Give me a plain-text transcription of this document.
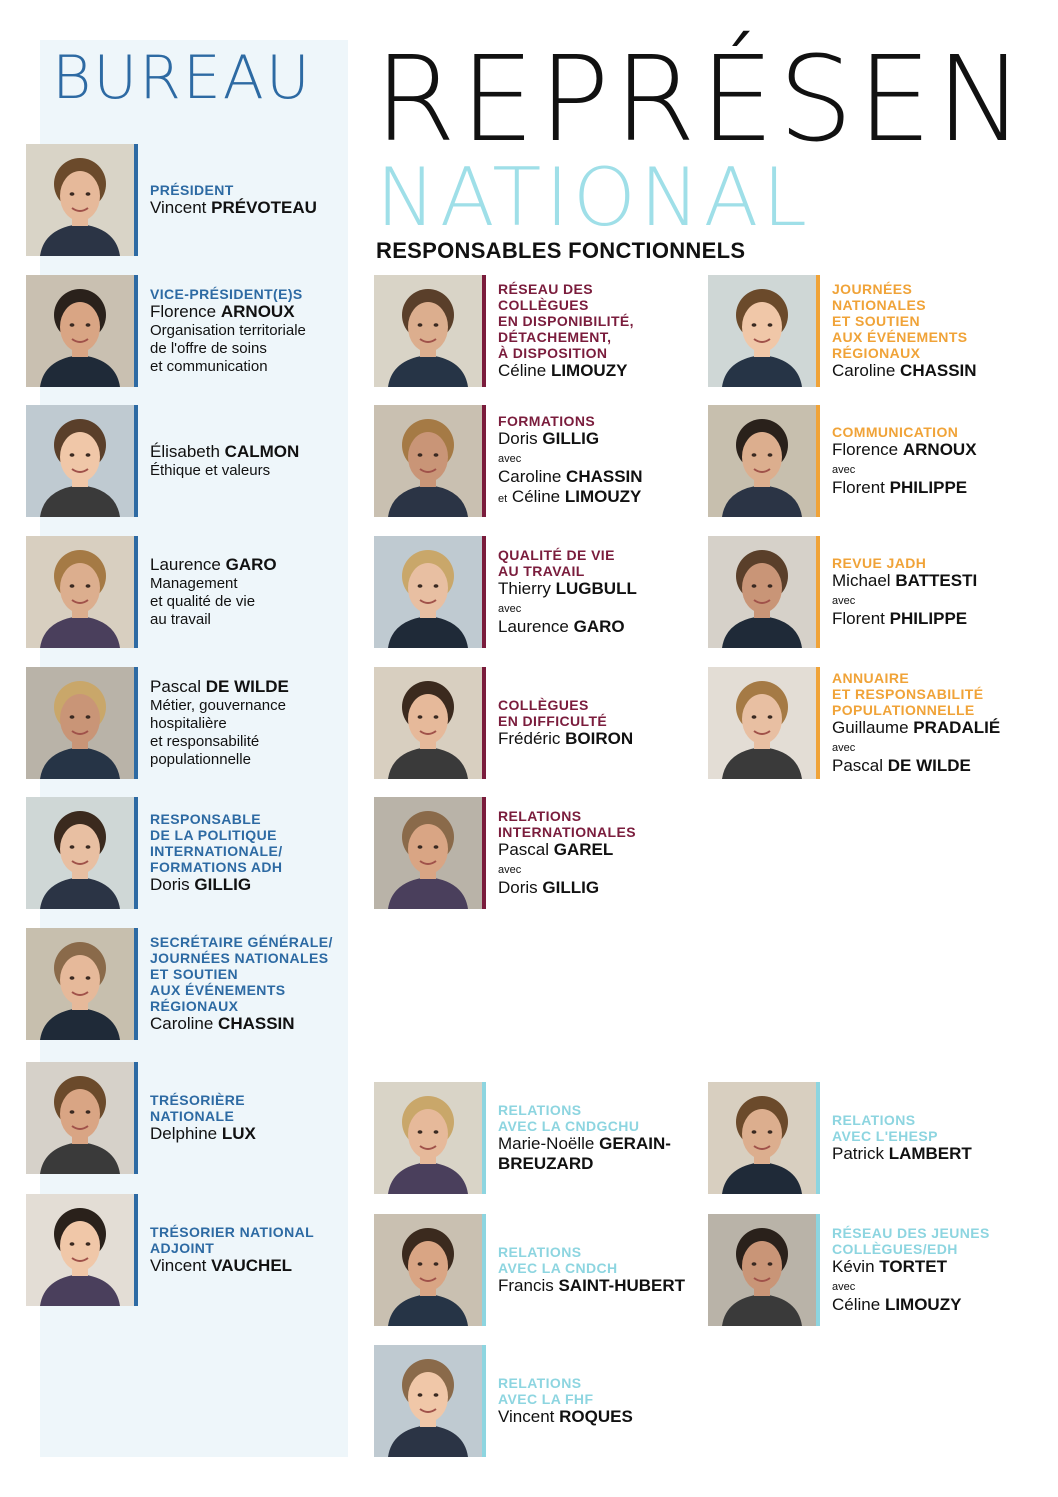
BUREAU REPRÉSEN
NATIONAL
RESPONSABLES FONCTIONNELS
PRÉSIDENT
Vincent PRÉVOTEAU
VICE-PRÉSIDENT(E)S
Florence ARNOUX
Organisation territoriale
de l'offre de soins
et communication
Élisabeth CALMON
Éthique et valeurs
Laurence GARO
Management
et qualité de vie
au travail
Pascal DE WILDE
Métier, gouvernance
hospitalière
et responsabilité
populationnelle
RESPONSABLE
DE LA POLITIQUE
INTERNATIONALE/
FORMATIONS ADH
Doris GILLIG
SECRÉTAIRE GÉNÉRALE/
JOURNÉES NATIONALES
ET SOUTIEN
AUX ÉVÉNEMENTS
RÉGIONAUX
Caroline CHASSIN
TRÉSORIÈRE
NATIONALE
Delphine LUX
TRÉSORIER NATIONAL
ADJOINT
Vincent VAUCHEL
RÉSEAU DES COLLÈGUES
EN DISPONIBILITÉ,
DÉTACHEMENT,
À DISPOSITION
Céline LIMOUZY
FORMATIONS
Doris GILLIG
avec
Caroline CHASSIN
et Céline LIMOUZY
QUALITÉ DE VIE
AU TRAVAIL
Thierry LUGBULL
avec
Laurence GARO
COLLÈGUES
EN DIFFICULTÉ
Frédéric BOIRON
RELATIONS
INTERNATIONALES
Pascal GAREL
avec
Doris GILLIG
JOURNÉES
NATIONALES
ET SOUTIEN
AUX ÉVÉNEMENTS
RÉGIONAUX
Caroline CHASSIN
COMMUNICATION
Florence ARNOUX
avec
Florent PHILIPPE
REVUE JADH
Michael BATTESTI
avec
Florent PHILIPPE
ANNUAIRE
ET RESPONSABILITÉ
POPULATIONNELLE
Guillaume PRADALIÉ
avec
Pascal DE WILDE
RELATIONS
AVEC LA CNDGCHU
Marie-Noëlle GERAIN-BREUZARD
RELATIONS
AVEC LA CNDCH
Francis SAINT-HUBERT
RELATIONS
AVEC LA FHF
Vincent ROQUES
RELATIONS
AVEC L'EHESP
Patrick LAMBERT
RÉSEAU DES JEUNES
COLLÈGUES/EDH
Kévin TORTET
avec
Céline LIMOUZY
